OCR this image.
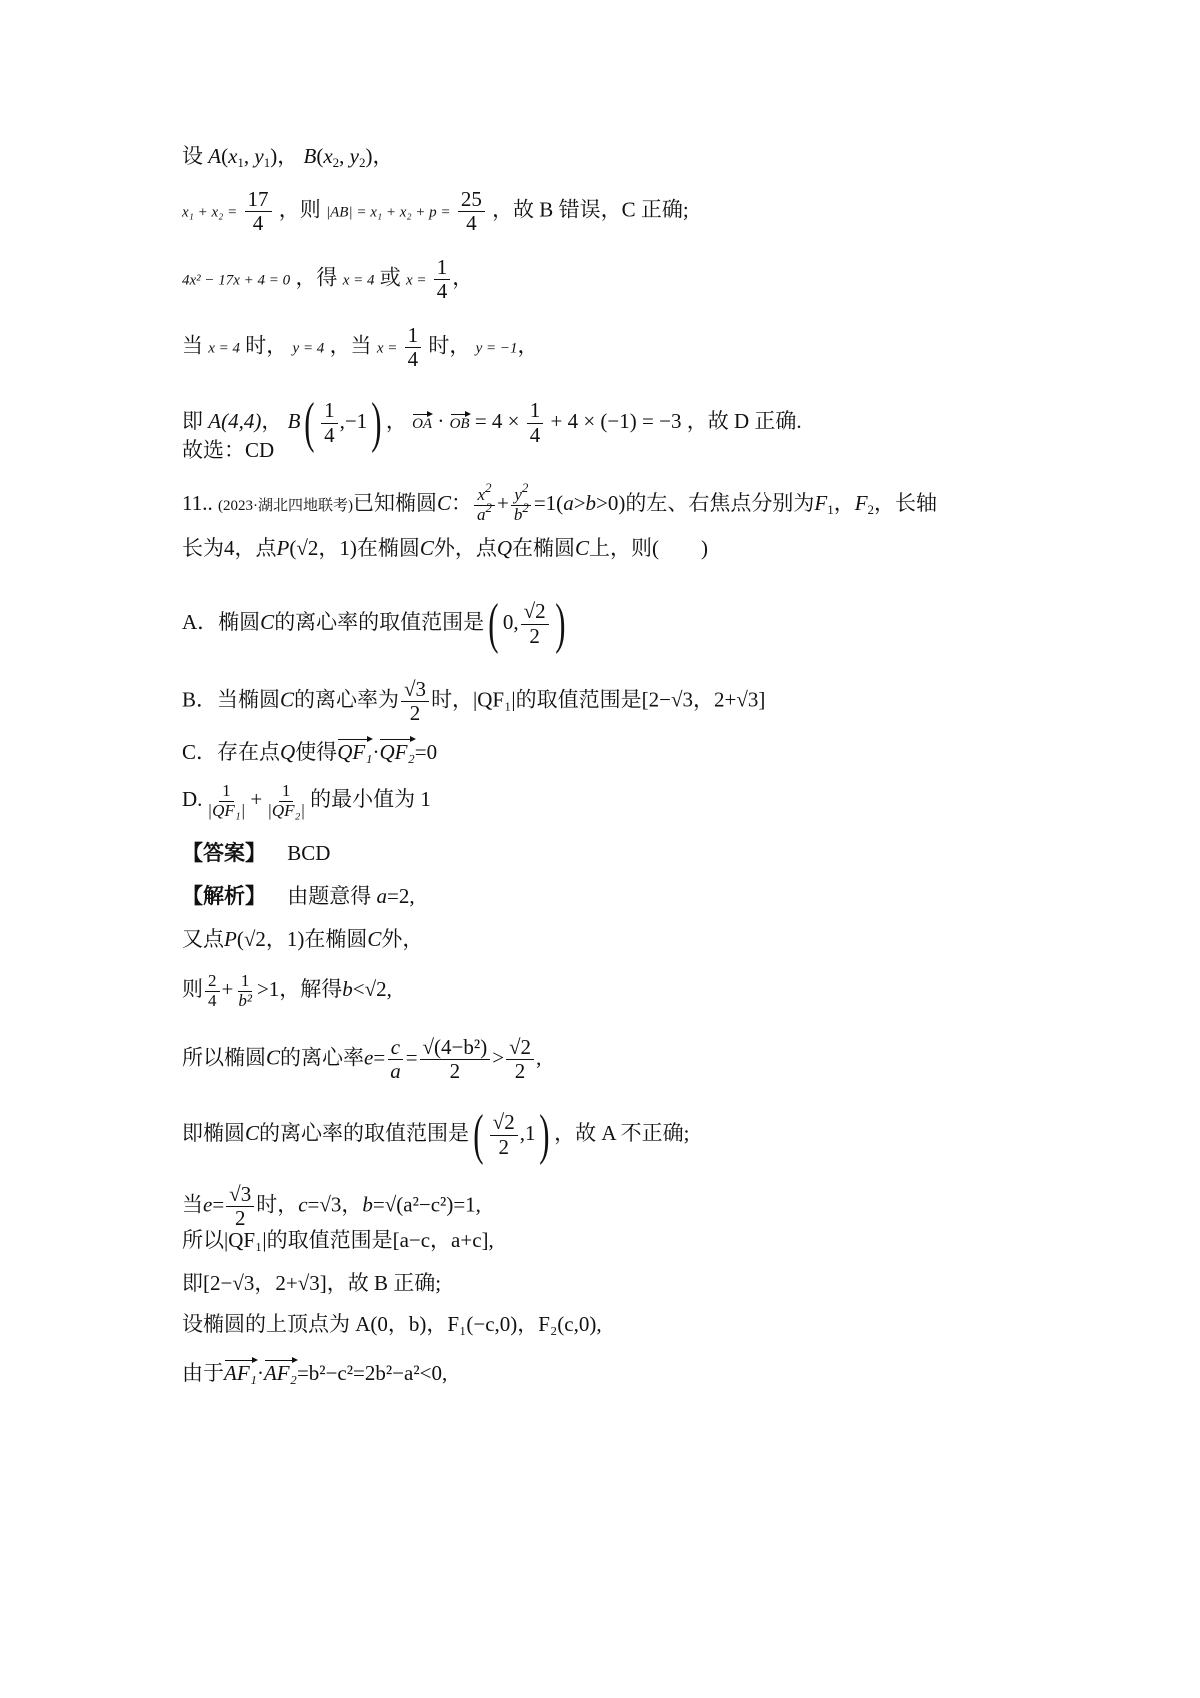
设 $A(x_1$, $y_1$)， $B(x_2$, $y_2$)，
$x_1 + x_2 = \frac{17}{4}$ ，则 $|AB| = x_1 + x_2 + p = \frac{25}{4}$ ，故 B 错误，C 正确;
4x² − 17x + 4 = 0 ，得 x = 4 或 $x = \frac{1}{4}$ ，
当 x = 4 时， y = 4 ，当 $x = \frac{1}{4}$ 时， y = −1，
即 A(4,4)， $B( \frac{1}{4} ,-1)$ ， OA · OB = $4 \times \frac{1}{4} + 4 \times (-1) = -3$ ，故 D 正确.
故选：CD
11.. (2023·湖北四地联考)已知椭圆C： $\frac{x^2}{a^2} + \frac{y^2}{b^2} =1(a>b>0)$的左、右焦点分别为$F_1$，$F_2$，长轴
长为4，点P(√2，1)在椭圆C外，点Q在椭圆C上，则(　　)
A．椭圆C的离心率的取值范围是( 0, $\frac{√2}{2}$ )
B．当椭圆C的离心率为 $\frac{√3}{2}$ 时，|QF₁|的取值范围是[2−√3，2+√3]
C．存在点Q使得QF₁·QF₂=0
D. $\frac{1}{\text{|QF₁|}} + \frac{1}{\text{|QF₂|}}$ 的最小值为 1
【答案】 BCD
【解析】 由题意得 a=2,
又点P(√2，1)在椭圆C外，
则 $\frac{2}{4} + \frac{1}{\text{b²}} >1$，解得b<√2,
所以椭圆C的离心率$e= \frac{c}{a} = \frac{\text{√(4−b²)}}{2} > \frac{√2}{2}$ ,
即椭圆C的离心率的取值范围是( $\frac{√2}{2} ,1$) ，故 A 不正确;
当$e= \frac{√3}{2}$ 时，c=√3，b=√(a²−c²)=1,
所以|QF₁|的取值范围是[a−c，a+c],
即[2−√3，2+√3]，故 B 正确;
设椭圆的上顶点为 A(0，b)，F₁(−c,0)，F₂(c,0),
由于AF₁·AF₂=b²−c²=2b²−a²<0,
